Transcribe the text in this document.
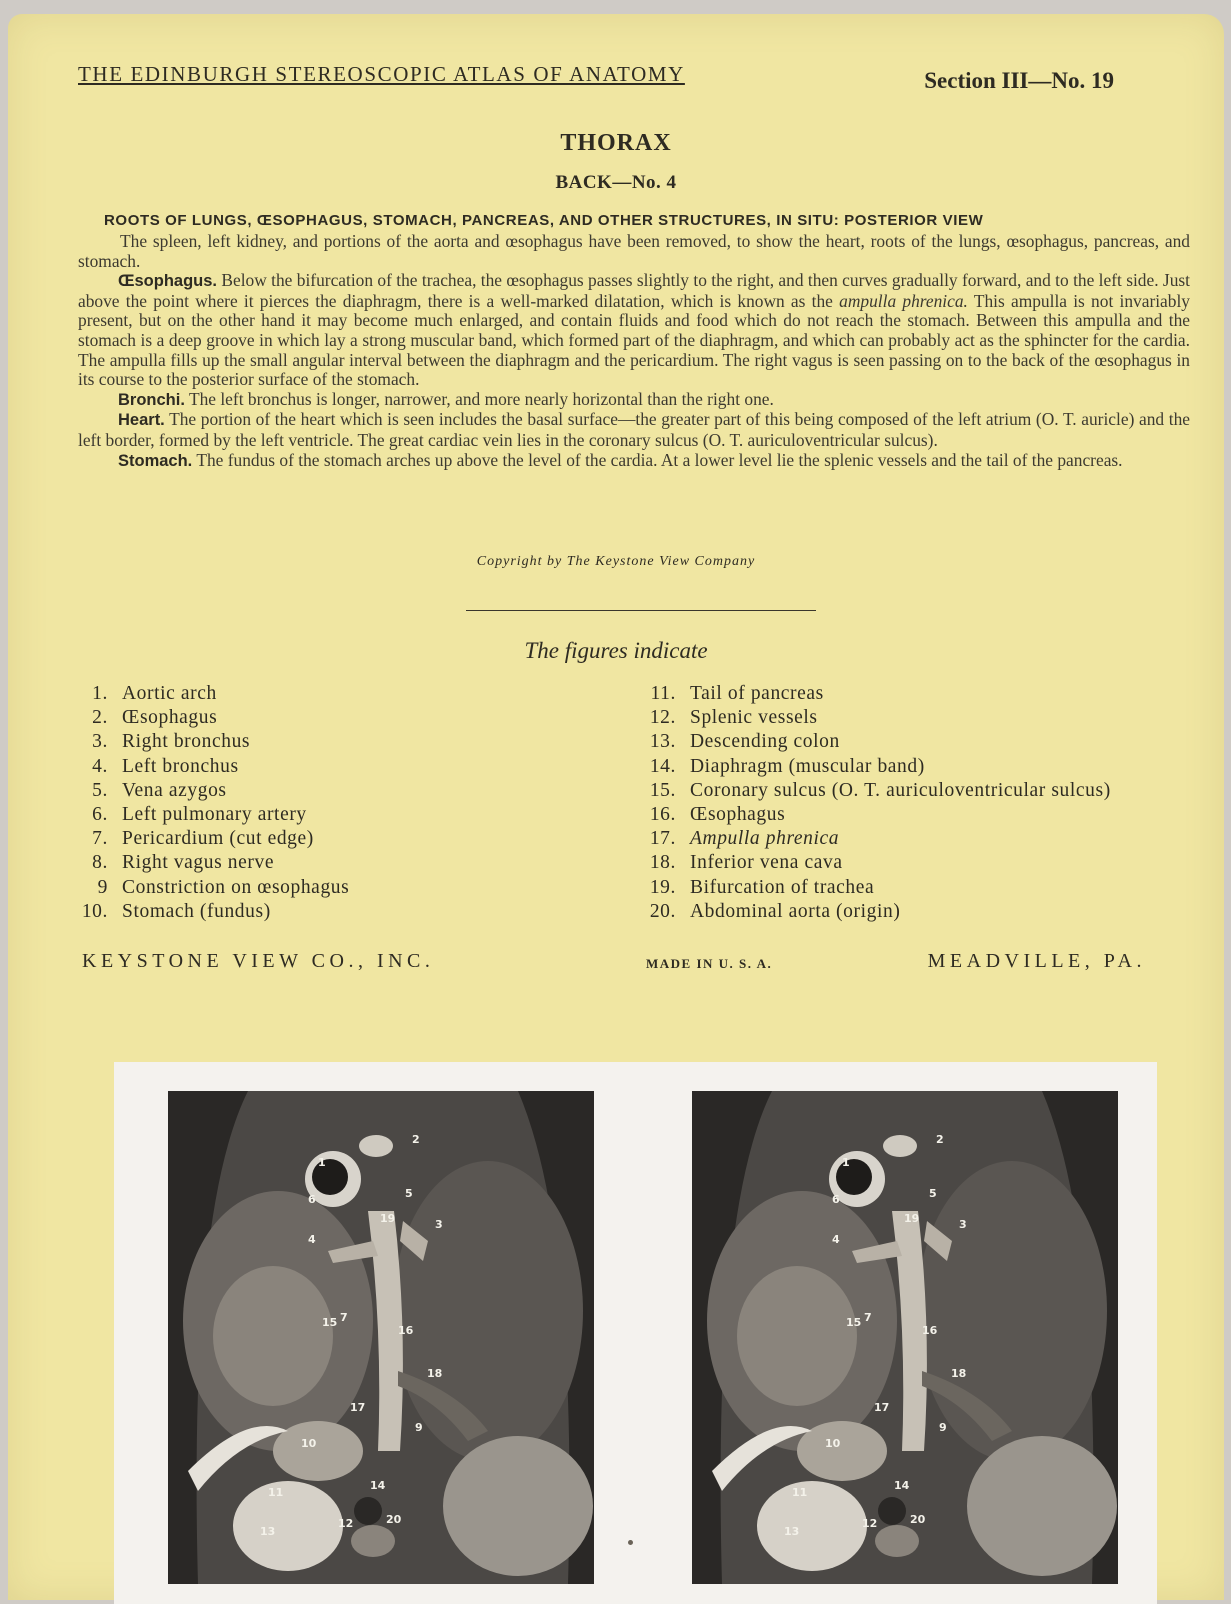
THE EDINBURGH STEREOSCOPIC ATLAS OF ANATOMY	Section III—No. 19
THORAX
BACK—No. 4
ROOTS OF LUNGS, ŒSOPHAGUS, STOMACH, PANCREAS, AND OTHER STRUCTURES, IN SITU: POSTERIOR VIEW

The spleen, left kidney, and portions of the aorta and œsophagus have been removed, to show the heart, roots of the lungs, œsophagus, pancreas, and stomach.

Œsophagus. Below the bifurcation of the trachea, the œsophagus passes slightly to the right, and then curves gradually forward, and to the left side. Just above the point where it pierces the diaphragm, there is a well-marked dilatation, which is known as the ampulla phrenica. This ampulla is not invariably present, but on the other hand it may become much enlarged, and contain fluids and food which do not reach the stomach. Between this ampulla and the stomach is a deep groove in which lay a strong muscular band, which formed part of the diaphragm, and which can probably act as the sphincter for the cardia. The ampulla fills up the small angular interval between the diaphragm and the pericardium. The right vagus is seen passing on to the back of the œsophagus in its course to the posterior surface of the stomach.

Bronchi. The left bronchus is longer, narrower, and more nearly horizontal than the right one.

Heart. The portion of the heart which is seen includes the basal surface—the greater part of this being composed of the left atrium (O. T. auricle) and the left border, formed by the left ventricle. The great cardiac vein lies in the coronary sulcus (O. T. auriculoventricular sulcus).

Stomach. The fundus of the stomach arches up above the level of the cardia. At a lower level lie the splenic vessels and the tail of the pancreas.

Copyright by The Keystone View Company
The figures indicate
1. Aortic arch
2. Œsophagus
3. Right bronchus
4. Left bronchus
5. Vena azygos
6. Left pulmonary artery
7. Pericardium (cut edge)
8. Right vagus nerve
9 Constriction on œsophagus
10. Stomach (fundus)
11. Tail of pancreas
12. Splenic vessels
13. Descending colon
14. Diaphragm (muscular band)
15. Coronary sulcus (O. T. auriculoventricular sulcus)
16. Œsophagus
17. Ampulla phrenica
18. Inferior vena cava
19. Bifurcation of trachea
20. Abdominal aorta (origin)
KEYSTONE VIEW CO., INC.	MADE IN U. S. A.	MEADVILLE, PA.
1
2
3
4
5
6
7
9
10
11
12
13
14
15
16
17
18
19
20
1
2
3
4
5
6
7
9
10
11
12
13
14
15
16
17
18
19
20
